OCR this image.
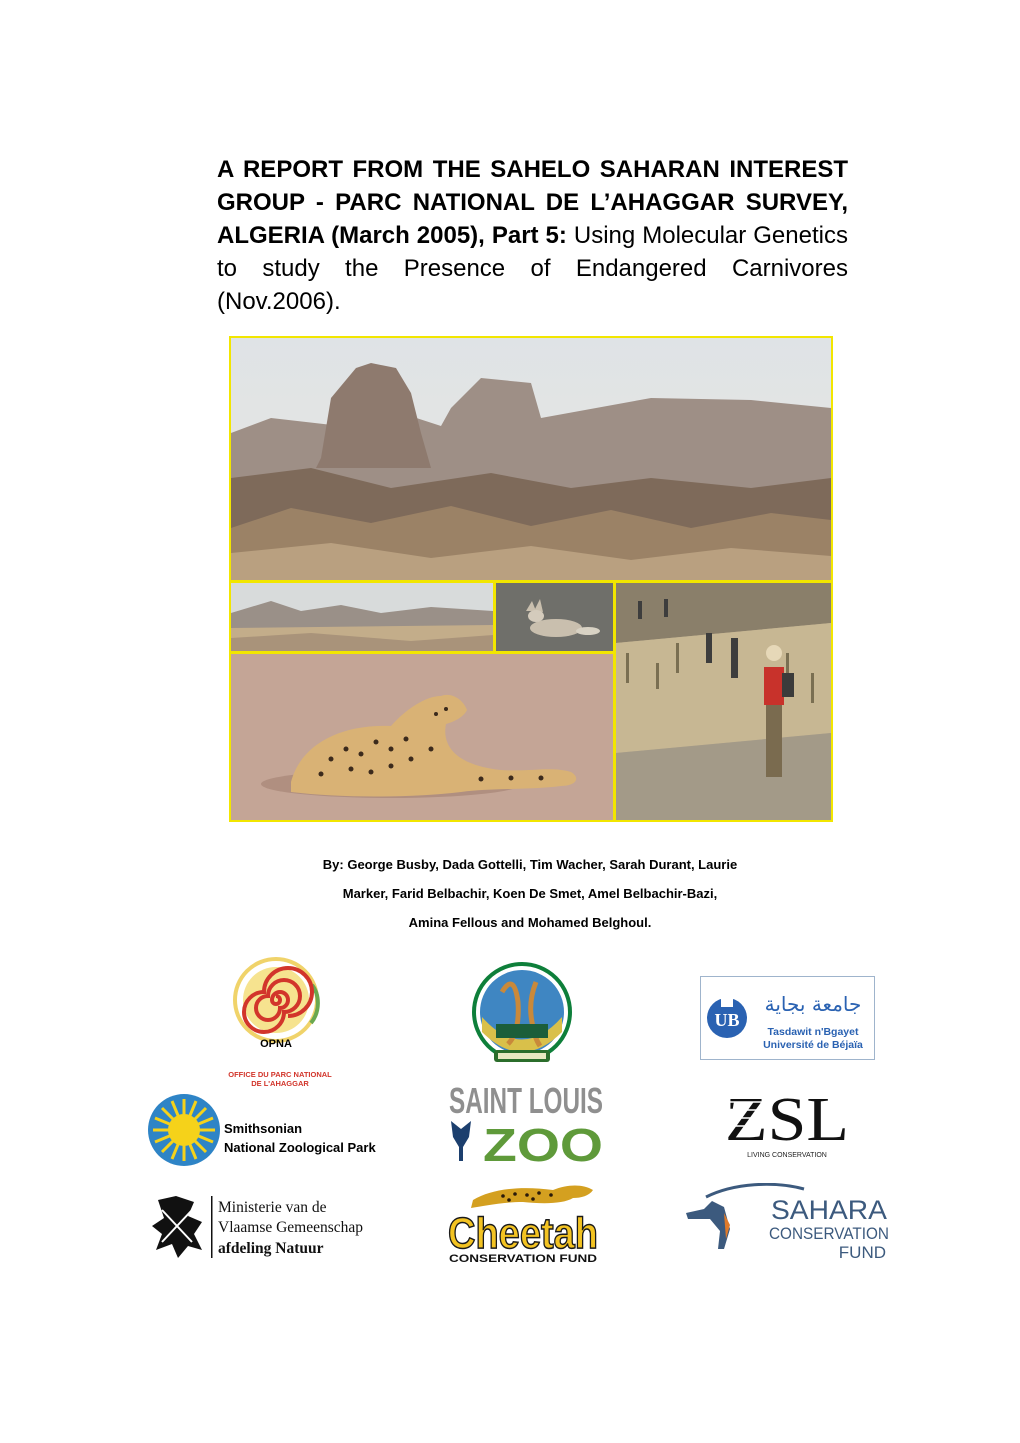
A REPORT FROM THE SAHELO SAHARAN INTEREST GROUP - PARC NATIONAL DE L’AHAGGAR SURVEY, ALGERIA (March 2005), Part 5: Using Molecular Genetics to study the Presence of Endangered Carnivores (Nov.2006).
By: George Busby, Dada Gottelli, Tim Wacher, Sarah Durant, Laurie
Marker, Farid Belbachir, Koen De Smet, Amel Belbachir-Bazi,
Amina Fellous and Mohamed Belghoul.
OPNA
OFFICE DU PARC NATIONAL
DE L'AHAGGAR
UB
جامعة بجاية
Tasdawit n'Bgayet
Université de Béjaïa
Smithsonian
National Zoological Park
SAINT LOUIS
ZOO ZSL
LIVING CONSERVATION
Ministerie van de
Vlaamse Gemeenschap
afdeling Natuur	Cheetah
CONSERVATION FUND
SAHARA
CONSERVATION
FUND
